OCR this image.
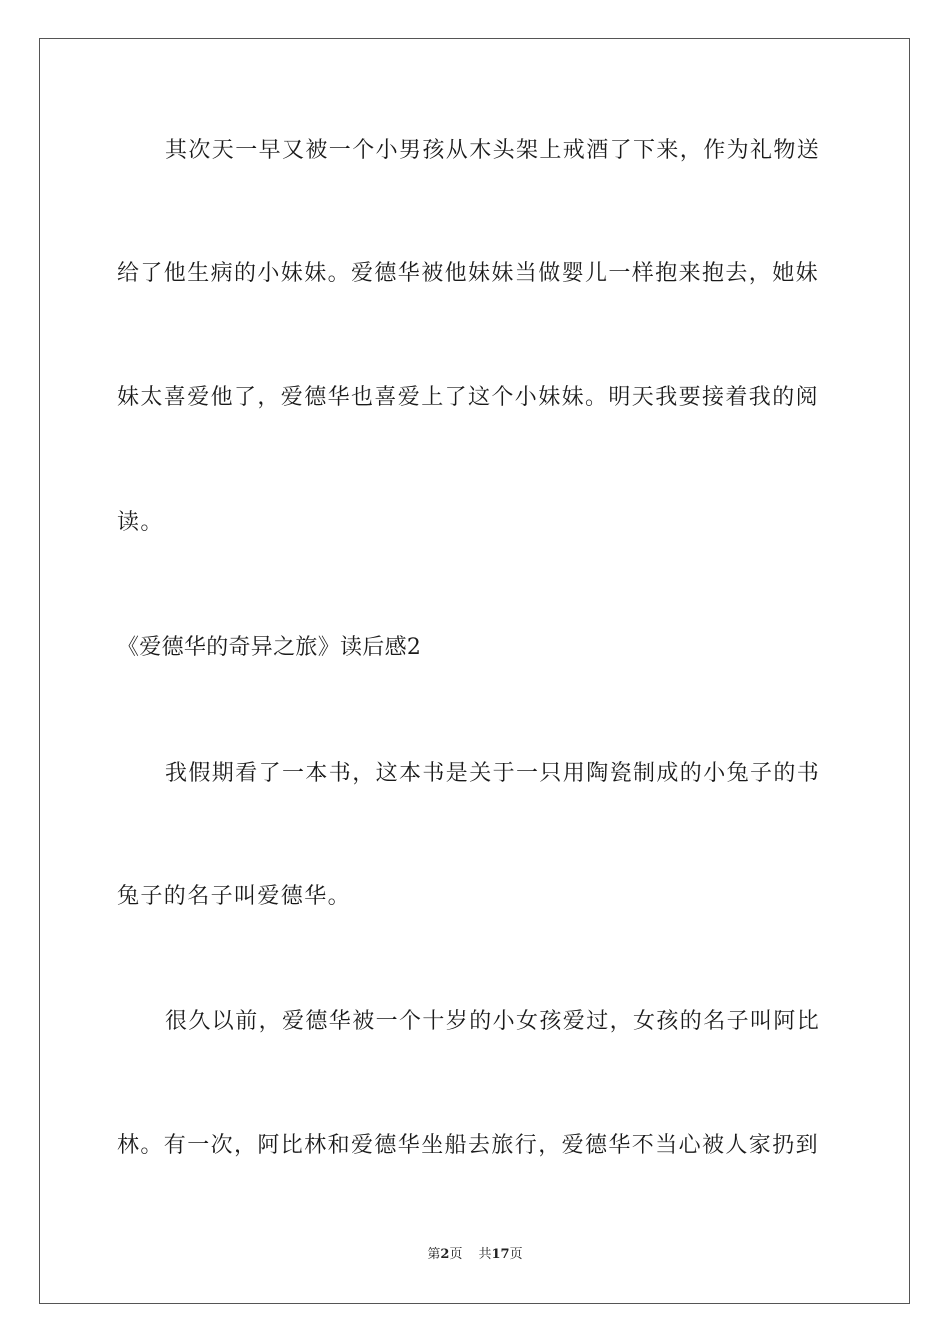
其次天一早又被一个小男孩从木头架上戒酒了下来，作为礼物送
给了他生病的小妹妹。爱德华被他妹妹当做婴儿一样抱来抱去，她妹
妹太喜爱他了，爱德华也喜爱上了这个小妹妹。明天我要接着我的阅
读。
《爱德华的奇异之旅》读后感2
我假期看了一本书，这本书是关于一只用陶瓷制成的小兔子的书
兔子的名子叫爱德华。
很久以前，爱德华被一个十岁的小女孩爱过，女孩的名子叫阿比
林。有一次，阿比林和爱德华坐船去旅行，爱德华不当心被人家扔到
第2页 共17页
